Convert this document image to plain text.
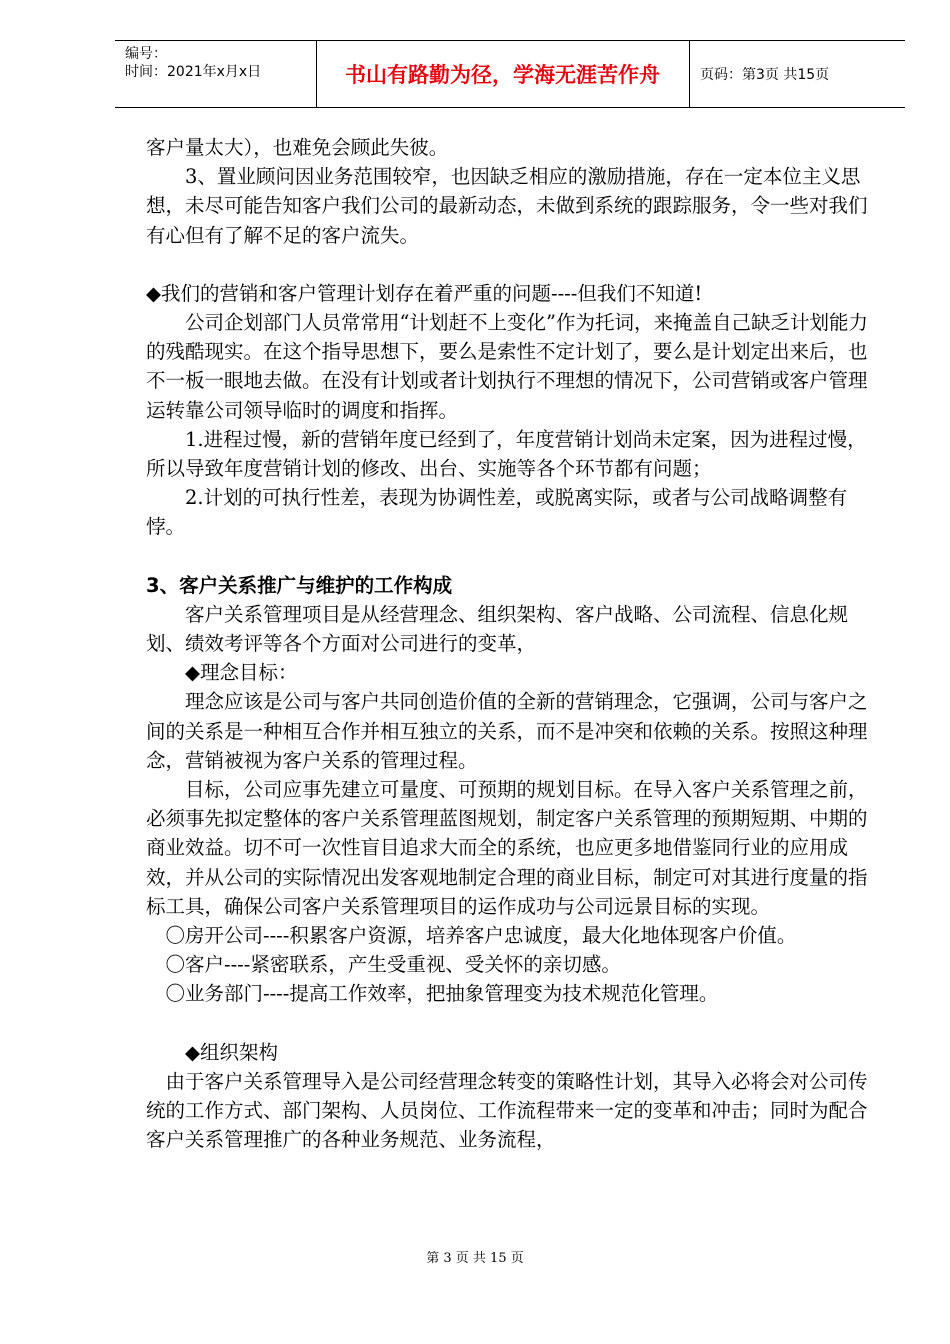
编号：
时间：2021年x月x日	书山有路勤为径，学海无涯苦作舟	页码：第3页 共15页

客户量太大），也难免会顾此失彼。

3、置业顾问因业务范围较窄，也因缺乏相应的激励措施，存在一定本位主义思想，未尽可能告知客户我们公司的最新动态，未做到系统的跟踪服务，令一些对我们有心但有了解不足的客户流失。

◆我们的营销和客户管理计划存在着严重的问题----但我们不知道!

公司企划部门人员常常用“计划赶不上变化”作为托词，来掩盖自己缺乏计划能力的残酷现实。在这个指导思想下，要么是索性不定计划了，要么是计划定出来后，也不一板一眼地去做。在没有计划或者计划执行不理想的情况下，公司营销或客户管理运转靠公司领导临时的调度和指挥。

1.进程过慢，新的营销年度已经到了，年度营销计划尚未定案，因为进程过慢，所以导致年度营销计划的修改、出台、实施等各个环节都有问题；

2.计划的可执行性差，表现为协调性差，或脱离实际，或者与公司战略调整有悖。

3、客户关系推广与维护的工作构成

客户关系管理项目是从经营理念、组织架构、客户战略、公司流程、信息化规划、绩效考评等各个方面对公司进行的变革，

◆理念目标：

理念应该是公司与客户共同创造价值的全新的营销理念，它强调，公司与客户之间的关系是一种相互合作并相互独立的关系，而不是冲突和依赖的关系。按照这种理念，营销被视为客户关系的管理过程。

目标，公司应事先建立可量度、可预期的规划目标。在导入客户关系管理之前，必须事先拟定整体的客户关系管理蓝图规划，制定客户关系管理的预期短期、中期的商业效益。切不可一次性盲目追求大而全的系统，也应更多地借鉴同行业的应用成效，并从公司的实际情况出发客观地制定合理的商业目标，制定可对其进行度量的指标工具，确保公司客户关系管理项目的运作成功与公司远景目标的实现。

〇房开公司----积累客户资源，培养客户忠诚度，最大化地体现客户价值。

〇客户----紧密联系，产生受重视、受关怀的亲切感。

〇业务部门----提高工作效率，把抽象管理变为技术规范化管理。

◆组织架构

由于客户关系管理导入是公司经营理念转变的策略性计划，其导入必将会对公司传统的工作方式、部门架构、人员岗位、工作流程带来一定的变革和冲击；同时为配合客户关系管理推广的各种业务规范、业务流程，

第 3 页 共 15 页
